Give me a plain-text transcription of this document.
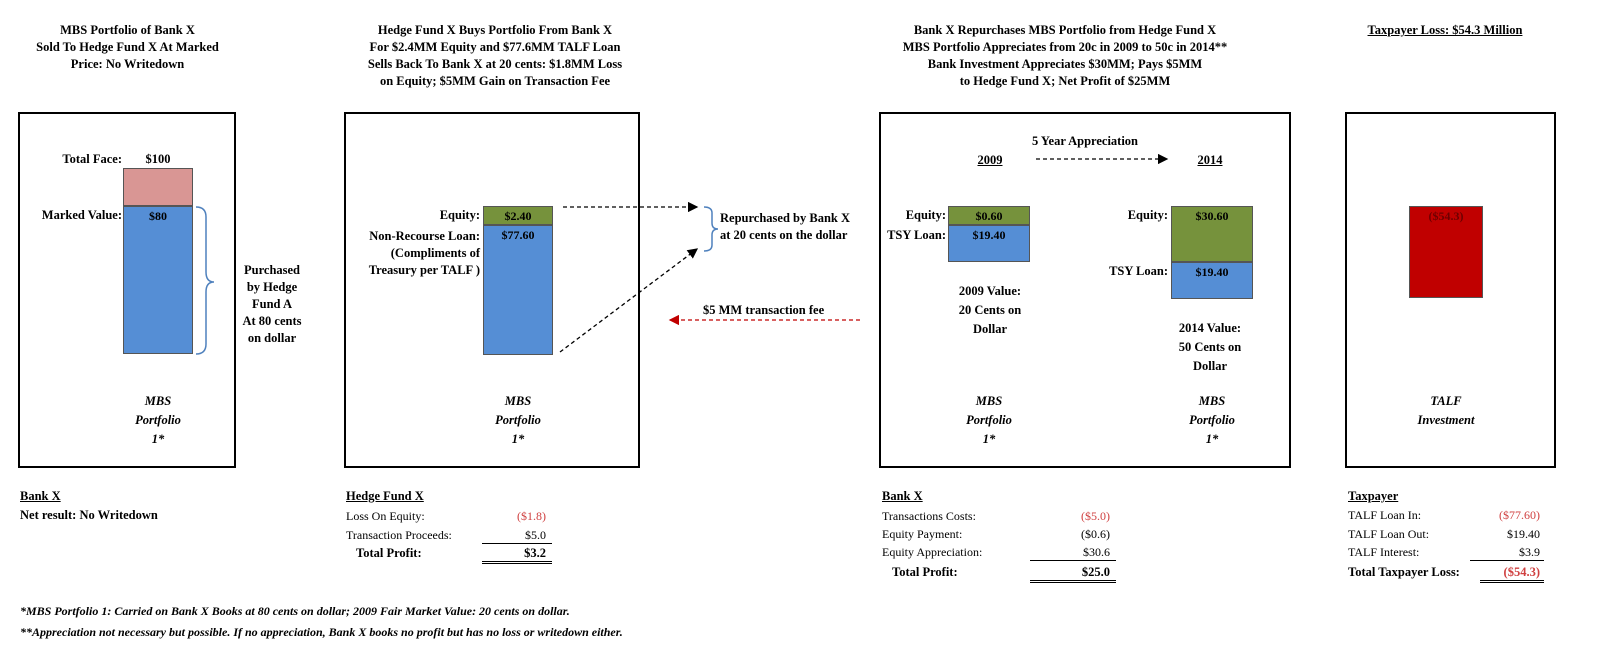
MBS Portfolio of Bank X
Sold To Hedge Fund X At Marked
Price: No Writedown
Hedge Fund X Buys Portfolio From Bank X
For $2.4MM Equity and $77.6MM TALF Loan
Sells Back To Bank X at 20 cents: $1.8MM Loss
on Equity; $5MM Gain on Transaction Fee
Bank X Repurchases MBS Portfolio from Hedge Fund X
MBS Portfolio Appreciates from 20c in 2009 to 50c in 2014**
Bank Investment Appreciates $30MM; Pays $5MM
to Hedge Fund X; Net Profit of $25MM
Taxpayer Loss: $54.3 Million
Total Face:	$100
$80
Marked Value:
Purchased
by Hedge
Fund A
At 80 cents
on dollar
MBS
Portfolio
1*
$2.40
$77.60
Equity:
Non-Recourse Loan:
(Compliments of
Treasury per TALF )
MBS
Portfolio
1*
Repurchased by Bank X
at 20 cents on the dollar
$5 MM transaction fee
5 Year Appreciation
2009	2014
$0.60
$19.40
Equity:
TSY Loan:
2009 Value:
20 Cents on
Dollar
$30.60
$19.40
Equity:
TSY Loan:
2014 Value:
50 Cents on
Dollar
MBS
Portfolio
1*
MBS
Portfolio
1*
($54.3)
TALF
Investment
Bank X
Net result: No Writedown
Hedge Fund X
Loss On Equity:	($1.8)
Transaction Proceeds:	$5.0
Total Profit:	$3.2
Bank X
Transactions Costs:	($5.0)
Equity Payment:	($0.6)
Equity Appreciation:	$30.6
Total Profit:	$25.0
Taxpayer
TALF Loan In:	($77.60)
TALF Loan Out:	$19.40
TALF Interest:	$3.9
Total Taxpayer Loss:	($54.3)
*MBS Portfolio 1: Carried on Bank X Books at 80 cents on dollar; 2009 Fair Market Value: 20 cents on dollar.
**Appreciation not necessary but possible. If no appreciation, Bank X books no profit but has no loss or writedown either.
